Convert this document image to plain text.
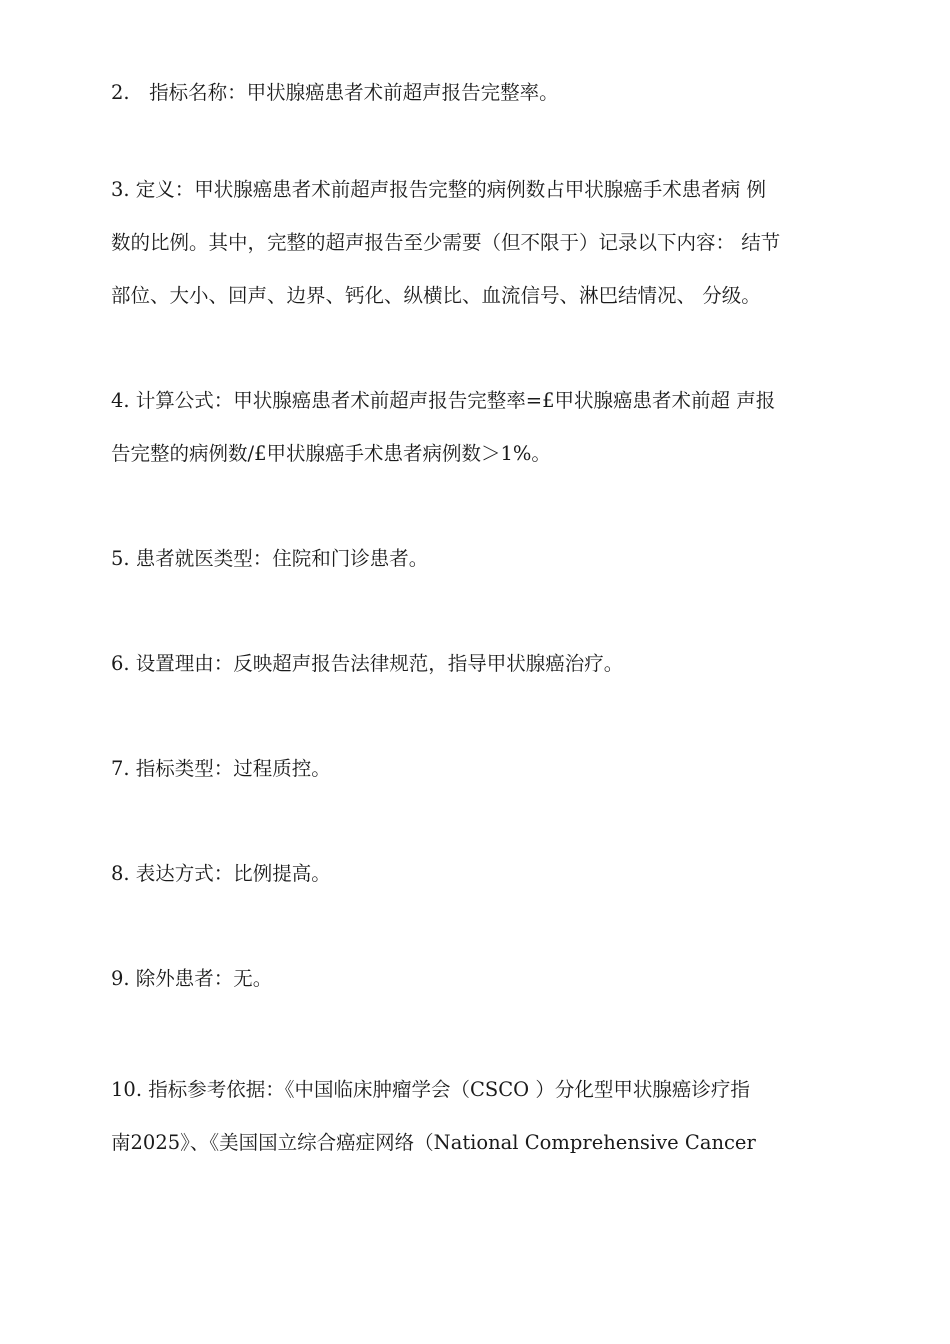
2.　指标名称：甲状腺癌患者术前超声报告完整率。
3. 定义：甲状腺癌患者术前超声报告完整的病例数占甲状腺癌手术患者病 例
数的比例。其中，完整的超声报告至少需要（但不限于）记录以下内容： 结节
部位、大小、回声、边界、钙化、纵横比、血流信号、淋巴结情况、 分级。
4. 计算公式：甲状腺癌患者术前超声报告完整率=£甲状腺癌患者术前超 声报
告完整的病例数/£甲状腺癌手术患者病例数＞1%。
5. 患者就医类型：住院和门诊患者。
6. 设置理由：反映超声报告法律规范，指导甲状腺癌治疗。
7. 指标类型：过程质控。
8. 表达方式：比例提高。
9. 除外患者：无。
10. 指标参考依据：《中国临床肿瘤学会（CSCO ）分化型甲状腺癌诊疗指
南2025》、《美国国立综合癌症网络（National Comprehensive Cancer
